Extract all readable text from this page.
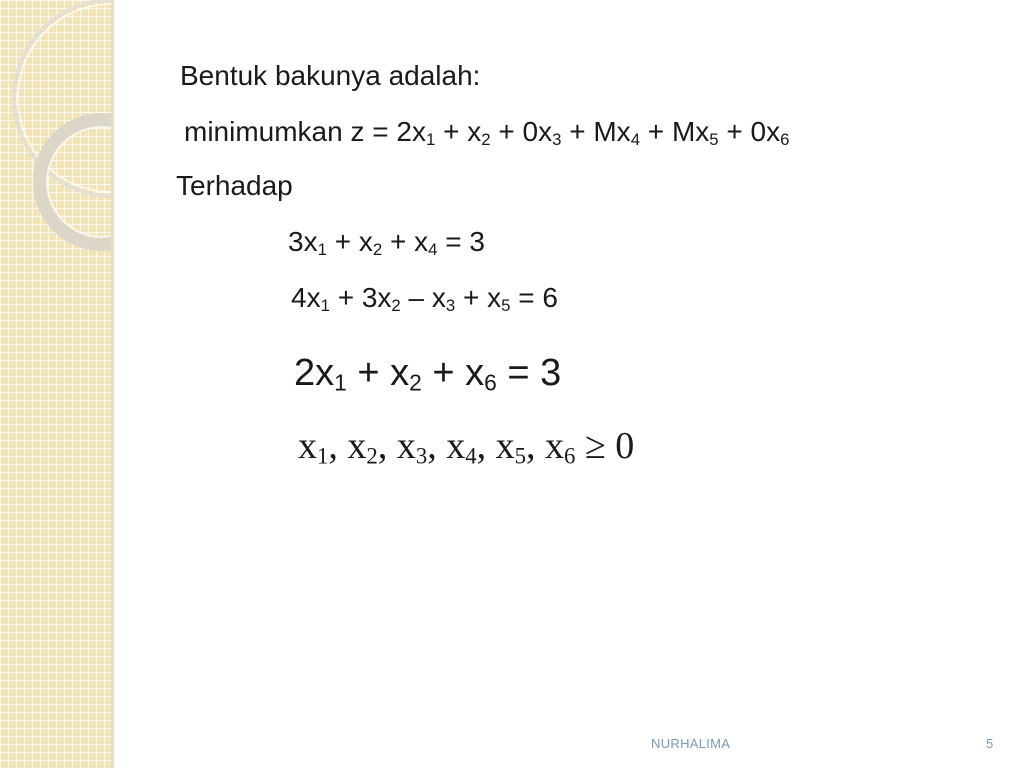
Bentuk bakunya adalah:
minimumkan $z = 2x_1 + x_2 + 0x_3 + Mx_4 + Mx_5 + 0x_6$
Terhadap
$3x_1 + x_2 + x_4 = 3$
$4x_1 + 3x_2 - x_3 + x_5 = 6$
$2x_1 + x_2 + x_6 = 3$
$x_1$, $x_2$, $x_3$, $x_4$, $x_5$, $x_6 \ge 0$
NURHALIMA	5
